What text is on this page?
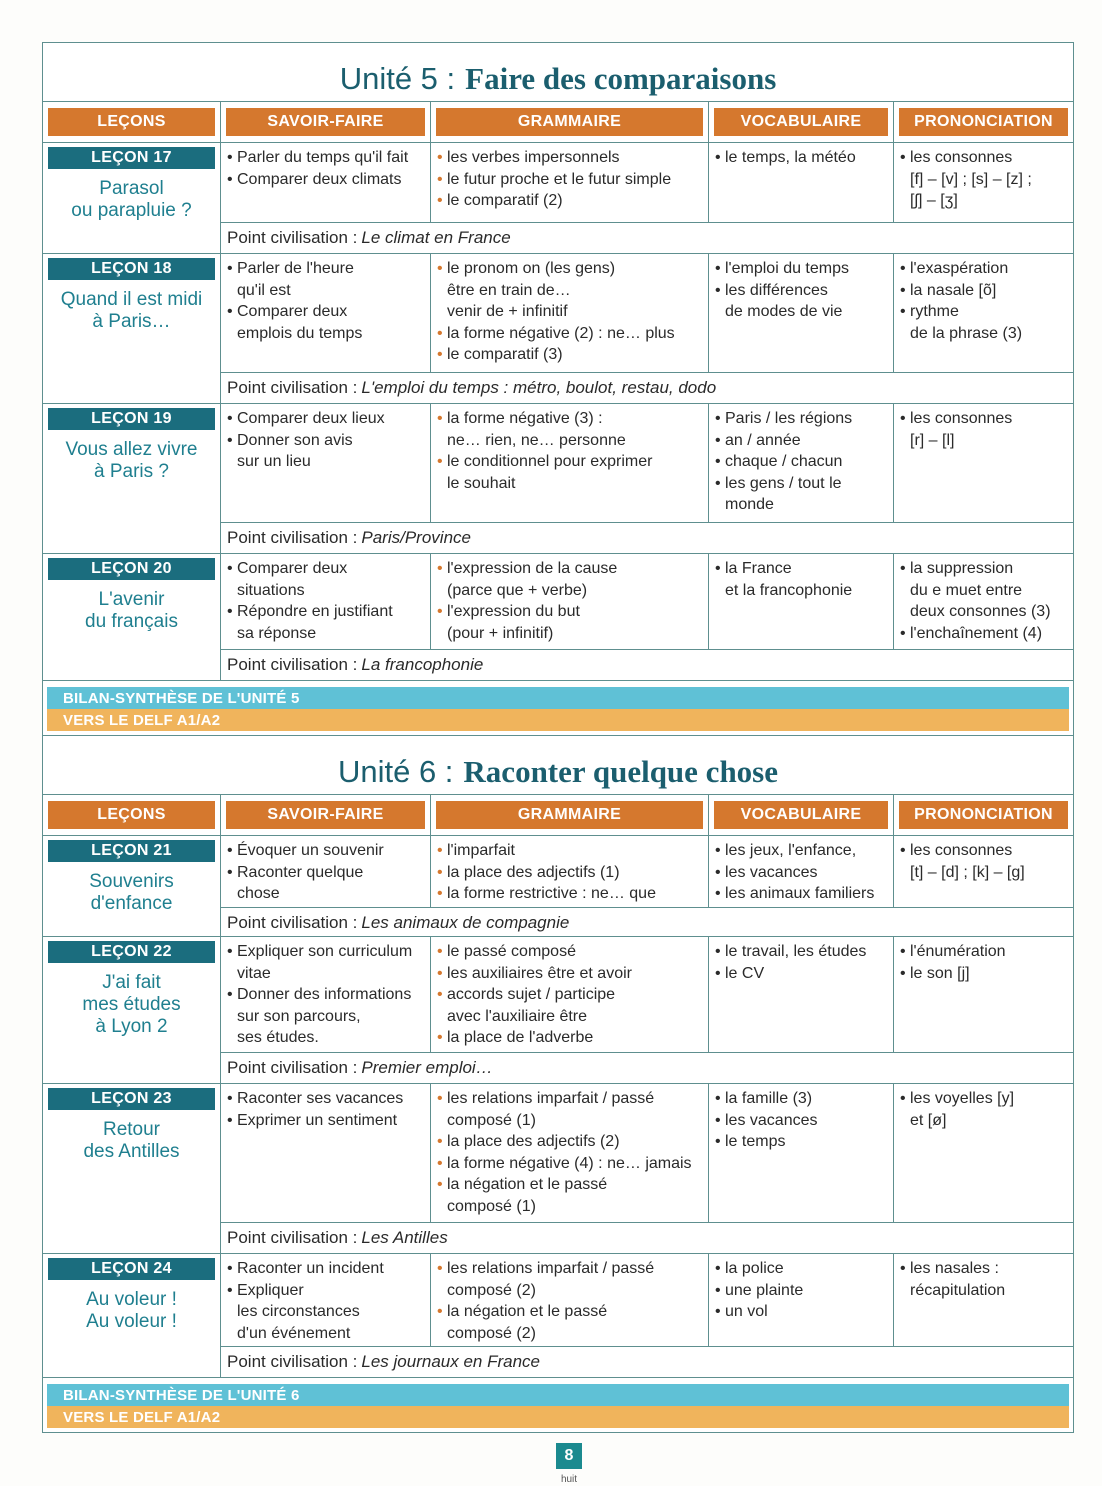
Unité 5 : Faire des comparaisons
LEÇONS	SAVOIR-FAIRE	GRAMMAIRE	VOCABULAIRE	PRONONCIATION
LEÇON 17
Parasol
ou parapluie ?
• Parler du temps qu'il fait
• Comparer deux climats
• les verbes impersonnels
• le futur proche et le futur simple
• le comparatif (2)
• le temps, la météo
•	les consonnes
[f] – [v] ; [s] – [z] ;
[ʃ] – [ʒ]
Point civilisation : Le climat en France
LEÇON 18
Quand il est midi
à Paris…
• Parler de l'heure
qu'il est
• Comparer deux
emplois du temps
• le pronom on (les gens)
être en train de…
venir de + infinitif
• la forme négative (2) : ne… plus
• le comparatif (3)
• l'emploi du temps
• les différences
de modes de vie
• l'exaspération
• la nasale [õ]
• rythme
de la phrase (3)
Point civilisation : L'emploi du temps : métro, boulot, restau, dodo
LEÇON 19
Vous allez vivre
à Paris ?
• Comparer deux lieux
• Donner son avis
sur un lieu
• la forme négative (3) :
ne… rien, ne… personne
• le conditionnel pour exprimer
le souhait
• Paris / les régions
• an / année
• chaque / chacun
• les gens / tout le
monde
• les consonnes
[r] – [l]
Point civilisation : Paris/Province
LEÇON 20
L'avenir
du français
• Comparer deux
situations
• Répondre en justifiant
sa réponse
• l'expression de la cause
(parce que + verbe)
• l'expression du but
(pour + infinitif)
• la France
et la francophonie
• la suppression
du e muet entre
deux consonnes (3)
• l'enchaînement (4)
Point civilisation : La francophonie
BILAN-SYNTHÈSE DE L'UNITÉ 5
VERS LE DELF A1/A2
Unité 6 : Raconter quelque chose
LEÇONS	SAVOIR-FAIRE	GRAMMAIRE	VOCABULAIRE	PRONONCIATION
LEÇON 21
Souvenirs
d'enfance
• Évoquer un souvenir
• Raconter quelque
chose
• l'imparfait
• la place des adjectifs (1)
• la forme restrictive : ne… que
• les jeux, l'enfance,
• les vacances
• les animaux familiers
• les consonnes
[t] – [d] ; [k] – [g]
Point civilisation : Les animaux de compagnie
LEÇON 22
J'ai fait
mes études
à Lyon 2
• Expliquer son curriculum
vitae
• Donner des informations
sur son parcours,
ses études.
• le passé composé
• les auxiliaires être et avoir
• accords sujet / participe
avec l'auxiliaire être
• la place de l'adverbe
• le travail, les études
• le CV
• l'énumération
• le son [j]
Point civilisation : Premier emploi…
LEÇON 23
Retour
des Antilles
• Raconter ses vacances
• Exprimer un sentiment
• les relations imparfait / passé
composé (1)
• la place des adjectifs (2)
• la forme négative (4) : ne… jamais
• la négation et le passé
composé (1)
• la famille (3)
• les vacances
• le temps
• les voyelles [y]
et [ø]
Point civilisation : Les Antilles
LEÇON 24
Au voleur !
Au voleur !
• Raconter un incident
• Expliquer
les circonstances
d'un événement
• les relations imparfait / passé
composé (2)
• la négation et le passé
composé (2)
• la police
• une plainte
• un vol
• les nasales :
récapitulation
Point civilisation : Les journaux en France
BILAN-SYNTHÈSE DE L'UNITÉ 6
VERS LE DELF A1/A2
8
huit
